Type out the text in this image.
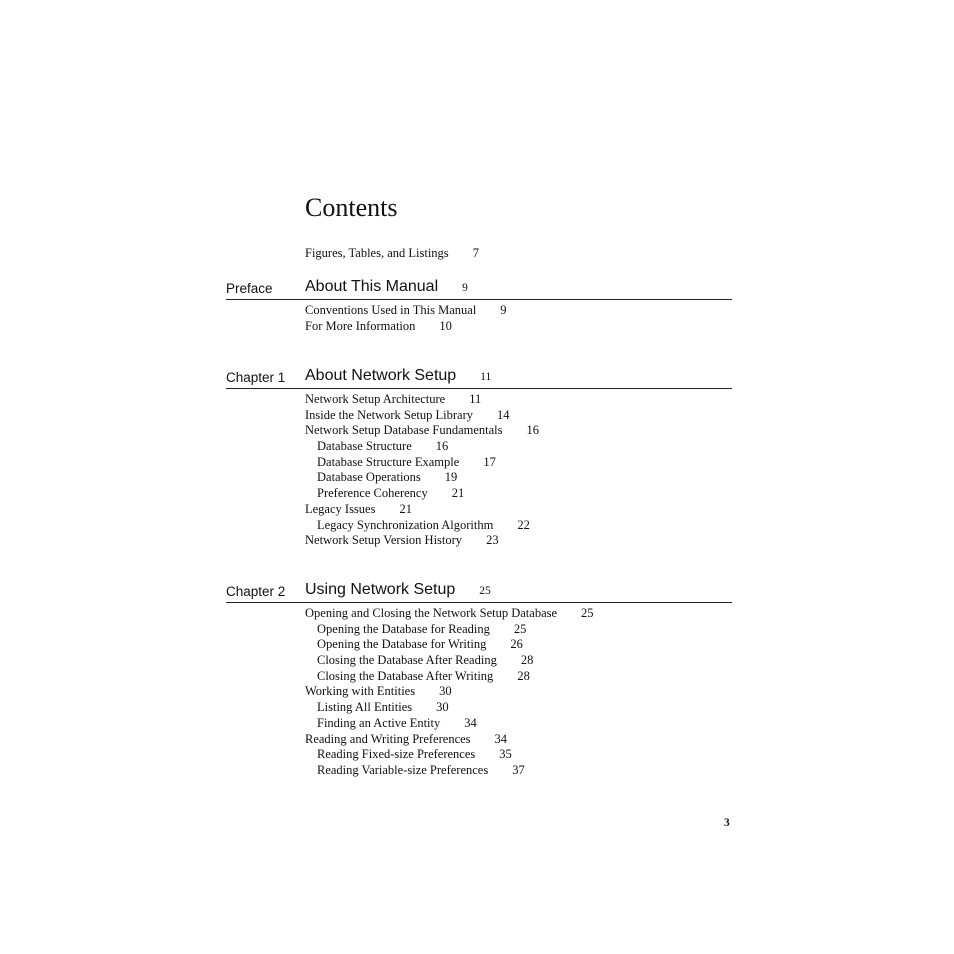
Contents
Figures, Tables, and Listings 7
Preface About This Manual 9
Conventions Used in This Manual 9
For More Information 10
Chapter 1 About Network Setup 11
Network Setup Architecture 11
Inside the Network Setup Library 14
Network Setup Database Fundamentals 16
Database Structure 16
Database Structure Example 17
Database Operations 19
Preference Coherency 21
Legacy Issues 21
Legacy Synchronization Algorithm 22
Network Setup Version History 23
Chapter 2 Using Network Setup 25
Opening and Closing the Network Setup Database 25
Opening the Database for Reading 25
Opening the Database for Writing 26
Closing the Database After Reading 28
Closing the Database After Writing 28
Working with Entities 30
Listing All Entities 30
Finding an Active Entity 34
Reading and Writing Preferences 34
Reading Fixed-size Preferences 35
Reading Variable-size Preferences 37
3
